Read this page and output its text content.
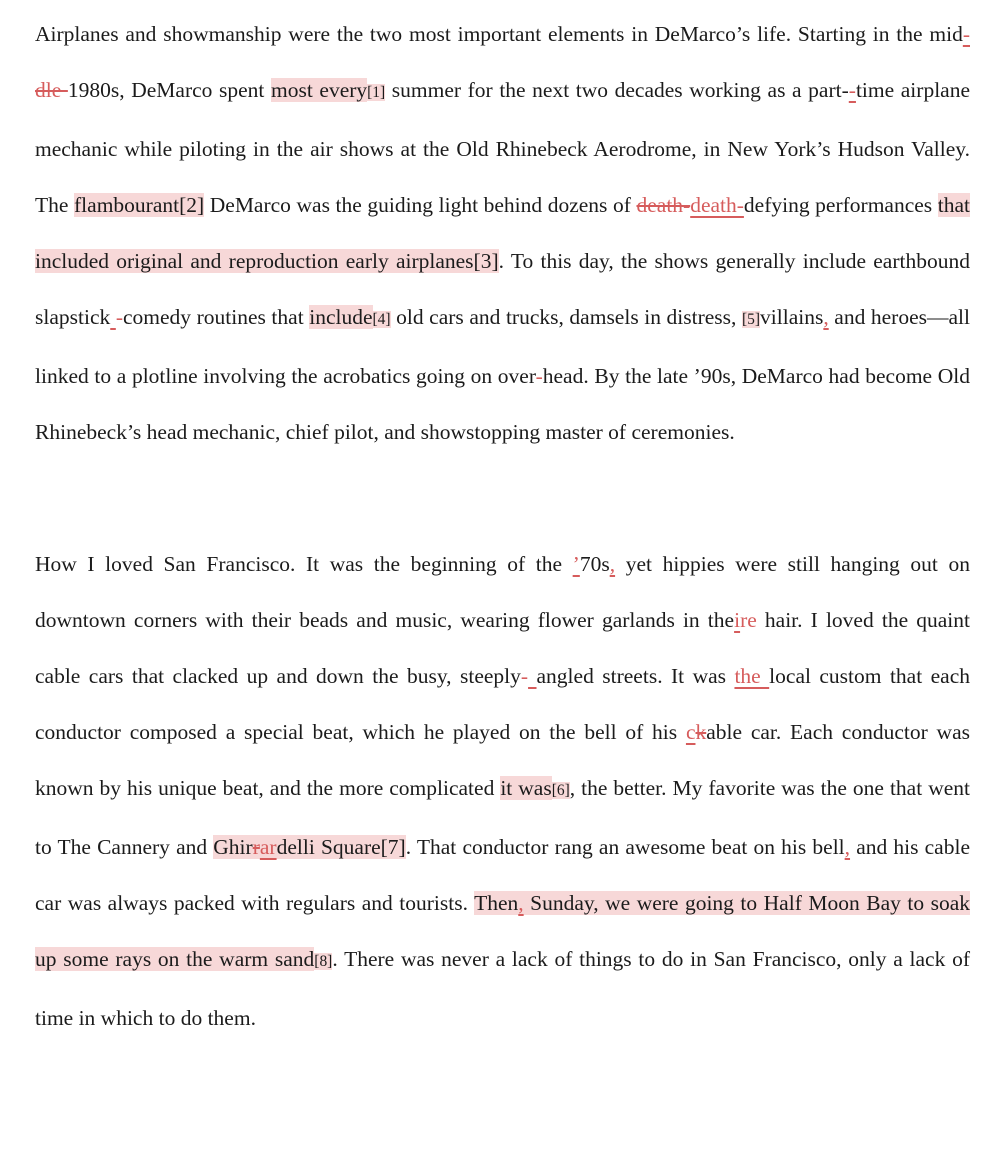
Airplanes and showmanship were the two most important elements in DeMarco’s life. Starting in the mid-dle 1980s, DeMarco spent most every[1] summer for the next two decades working as a part--time airplane mechanic while piloting in the air shows at the Old Rhinebeck Aerodrome, in New York’s Hudson Valley. The flambourant[2] DeMarco was the guiding light behind dozens of death-death-defying performances that included original and reproduction early airplanes[3]. To this day, the shows generally include earthbound slapstick -comedy routines that include[4] old cars and trucks, damsels in distress, [5]villains, and heroes—all linked to a plotline involving the acrobatics going on over-head. By the late ’90s, DeMarco had become Old Rhinebeck’s head mechanic, chief pilot, and showstopping master of ceremonies.

How I loved San Francisco. It was the beginning of the ’70s, yet hippies were still hanging out on downtown corners with their beads and music, wearing flower garlands in theire hair. I loved the quaint cable cars that clacked up and down the busy, steeply- angled streets. It was the local custom that each conductor composed a special beat, which he played on the bell of his ckable car. Each conductor was known by his unique beat, and the more complicated it was[6], the better. My favorite was the one that went to The Cannery and Ghirrardelli Square[7]. That conductor rang an awesome beat on his bell, and his cable car was always packed with regulars and tourists. Then, Sunday, we were going to Half Moon Bay to soak up some rays on the warm sand[8]. There was never a lack of things to do in San Francisco, only a lack of time in which to do them.
